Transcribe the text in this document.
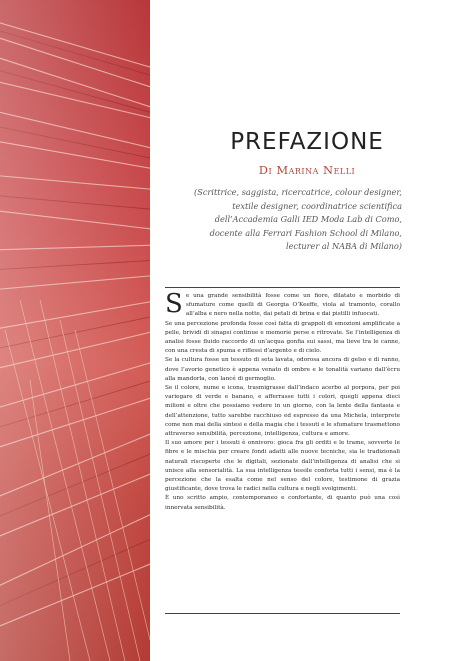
PREFAZIONE
Di Marina Nelli
(Scrittrice, saggista, ricercatrice, colour designer, textile designer, coordinatrice scientifica dell’Accademia Galli IED Moda Lab di Como, docente alla Ferrari Fashion School di Milano, lecturer al NABA di Milano)

Se una grande sensibilità fosse come un fiore, dilatato e morbido di sfumature come quelli di Georgia O’Keeffe, viola al tramonto, corallo all’alba e nero nella notte, dai petali di brina e dai pistilli infuocati.

Se una percezione profonda fosse così fatta di grappoli di emozioni amplificate a pelle, brividi di sinapsi continue e memorie perse e ritrovate. Se l’intelligenza di analisi fosse fluido raccordo di un’acqua gonfia sui sassi, ma lieve tra le canne, con una cresta di spuma e riflessi d’argento e di cielo.

Se la cultura fosse un tessuto di seta lavata, odorosa ancora di gelso e di ranno, dove l’avorio genetico è appena venato di ombre e le tonalità variano dall’ècru alla mandorla, con lancé di germoglio.

Se il colore, nume e icona, trasmigrasse dall’indaco acerbo al porpora, per poi variegare di verde e banano, e afferrasse tutti i colori, quegli appena dieci milioni e oltre che possiamo vedere in un giorno, con la lente della fantasia e dell’attenzione, tutto sarebbe racchiuso ed espresso da una Michela, interprete come non mai della sintesi e della magia che i tessuti e le sfumature trasmettono attraverso sensibilità, percezione, intelligenza, cultura e amore.

Il suo amore per i tessuti è onnivoro: gioca fra gli orditi e le trame, sovverte le fibre e le mischia per creare fondi adatti alle nuove tecniche, sia le tradizionali naturali riscoperte che le digitali, sezionate dall’intelligenza di analisi che si unisce alla sensorialità. La sua intelligenza tessile conforta tutti i sensi, ma è la percezione che la esalta come nel senso del colore, testimone di grazia giustificante, dove trova le radici nella cultura e negli svolgimenti.

È uno scritto ampio, contemporaneo e confortante, di quanto può una così innervata sensibilità.
